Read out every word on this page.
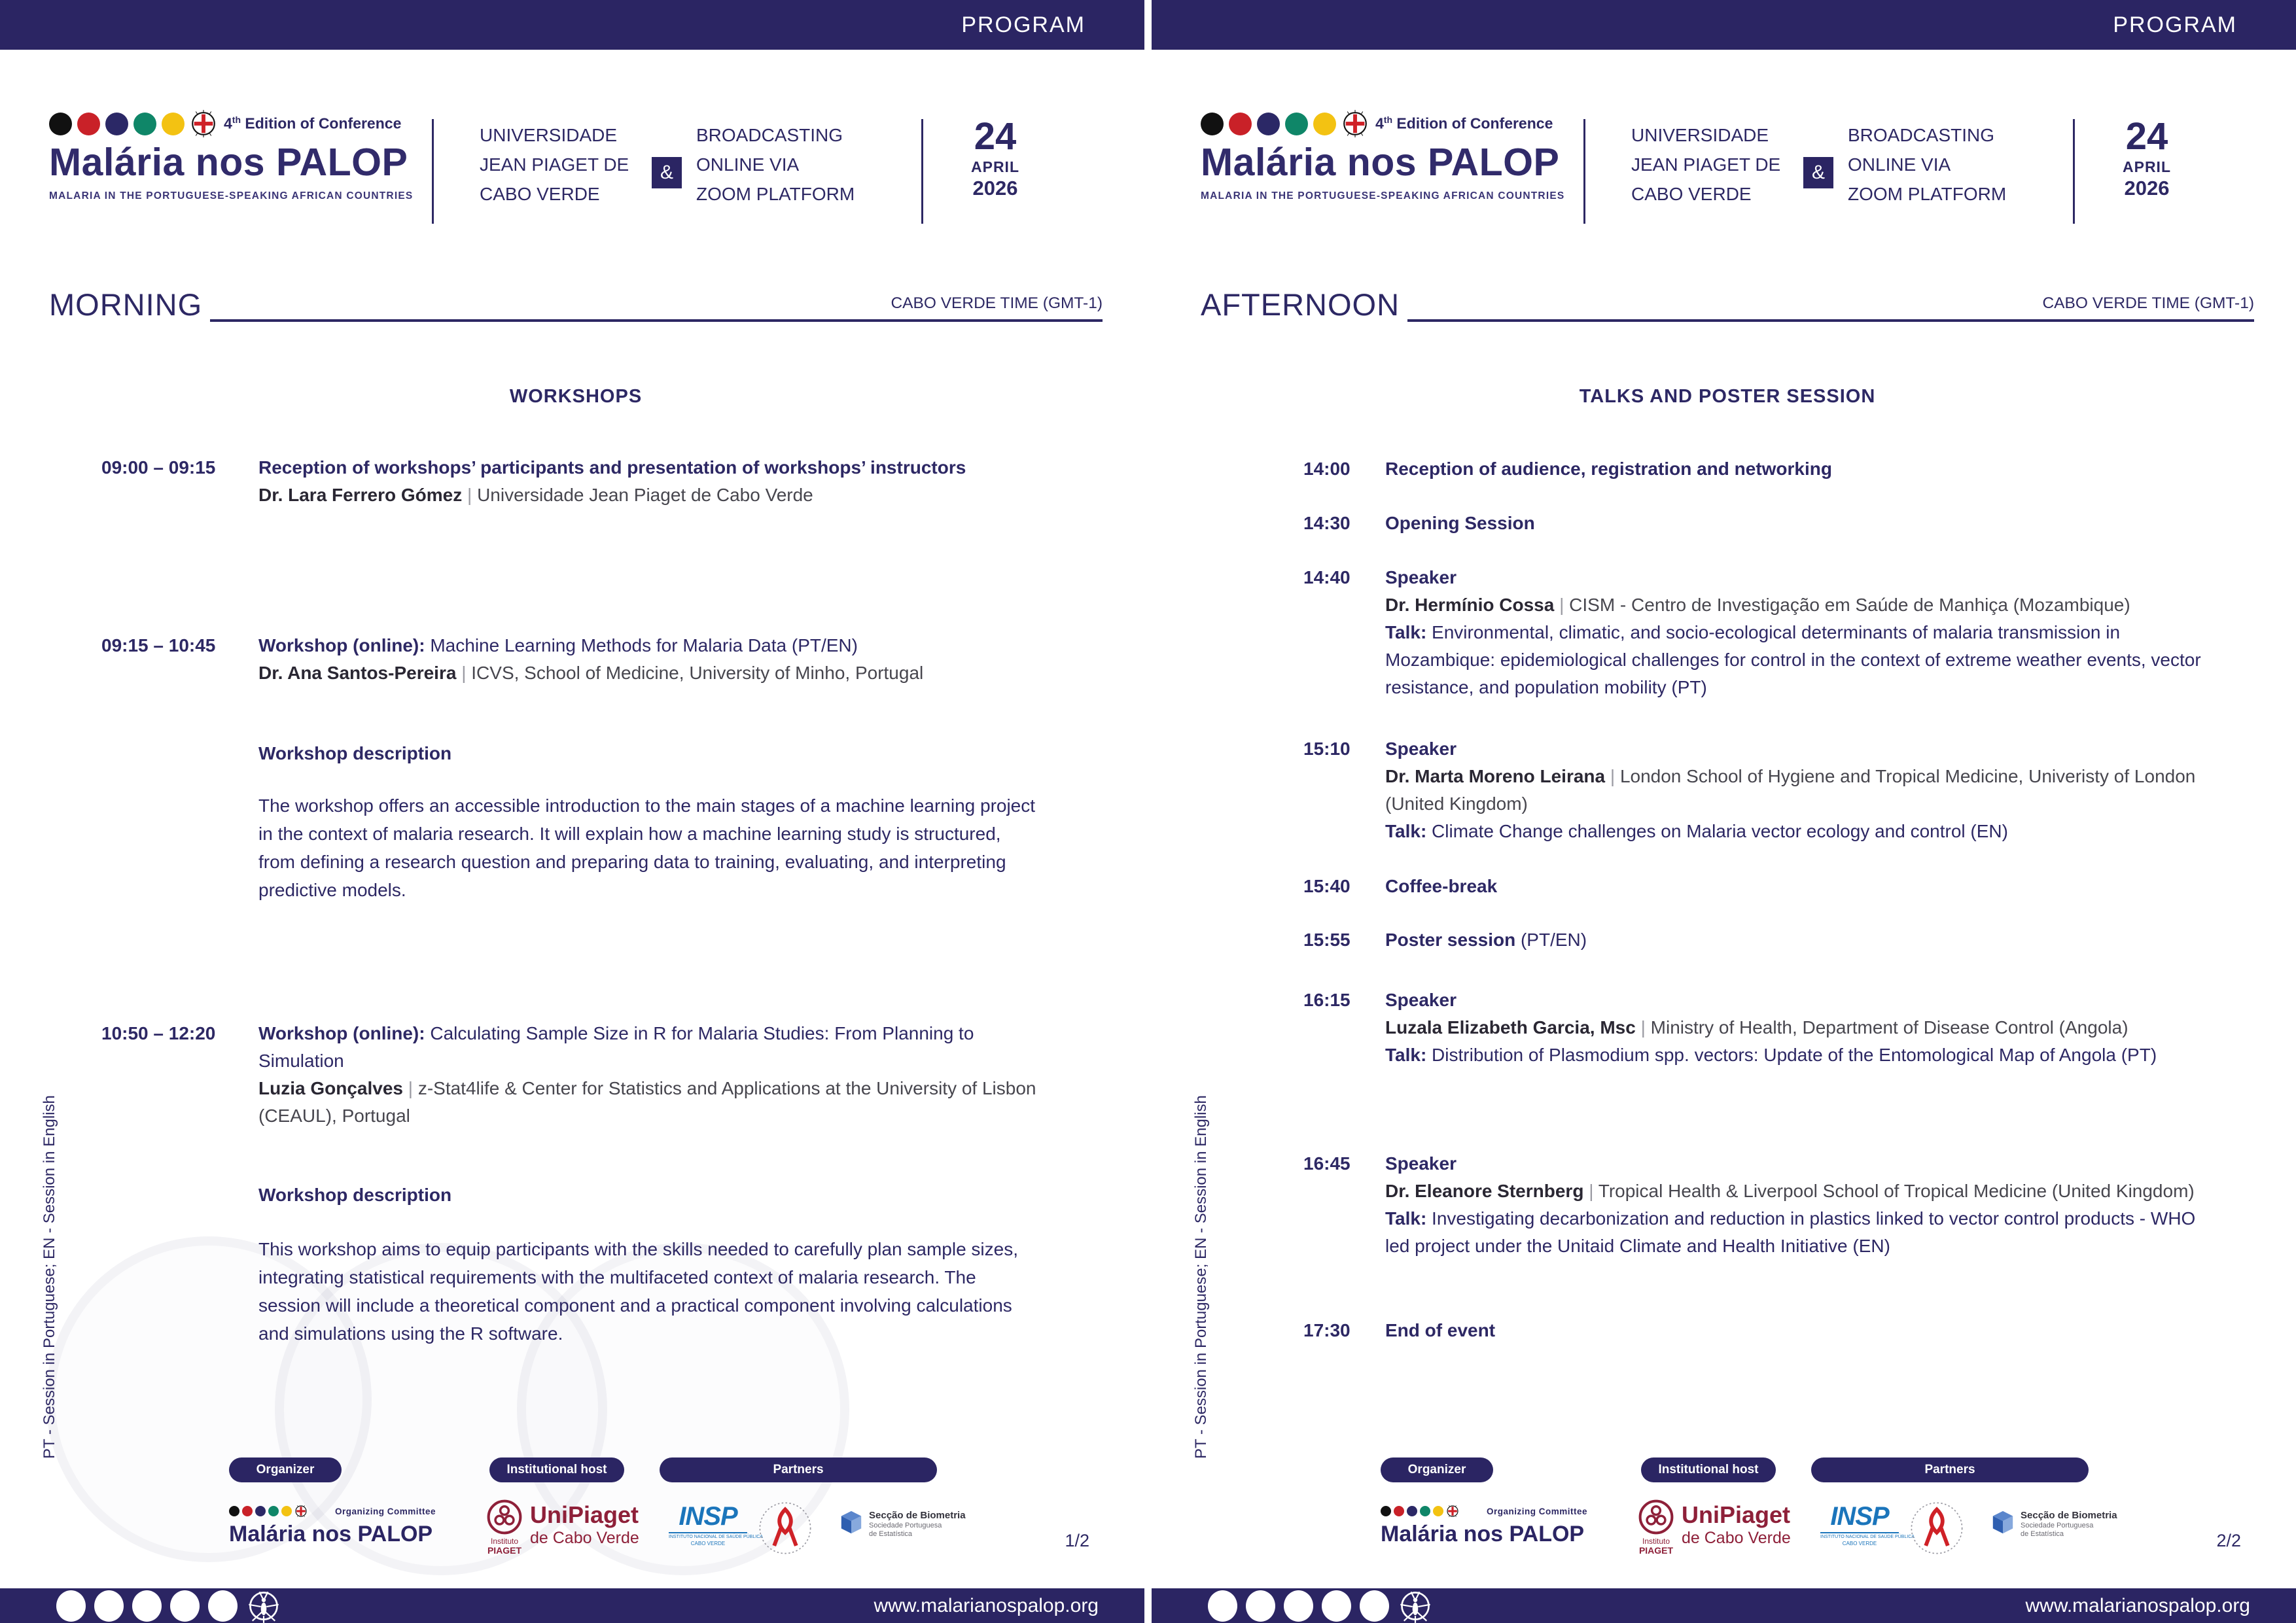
PROGRAM
4th Edition of Conference
Malária nos PALOP
MALARIA IN THE PORTUGUESE-SPEAKING AFRICAN COUNTRIES
UNIVERSIDADE
JEAN PIAGET DE
CABO VERDE
&
BROADCASTING
ONLINE VIA
ZOOM PLATFORM
24
APRIL
2026
MORNING	CABO VERDE TIME (GMT-1)
WORKSHOPS
09:00 – 09:15	Reception of workshops’ participants and presentation of workshops’ instructors
Dr. Lara Ferrero Gómez | Universidade Jean Piaget de Cabo Verde
09:15 – 10:45	Workshop (online): Machine Learning Methods for Malaria Data (PT/EN)
Dr. Ana Santos-Pereira | ICVS, School of Medicine, University of Minho, Portugal
Workshop description
The workshop offers an accessible introduction to the main stages of a machine learning project in the context of malaria research. It will explain how a machine learning study is structured, from defining a research question and preparing data to training, evaluating, and interpreting predictive models.
10:50 – 12:20	Workshop (online): Calculating Sample Size in R for Malaria Studies: From Planning to Simulation
Luzia Gonçalves | z-Stat4life & Center for Statistics and Applications at the University of Lisbon (CEAUL), Portugal
Workshop description
This workshop aims to equip participants with the skills needed to carefully plan sample sizes, integrating statistical requirements with the multifaceted context of malaria research. The session will include a theoretical component and a practical component involving calculations and simulations using the R software.
PT - Session in Portuguese; EN - Session in English
Organizer	Institutional host	Partners
Organizing Committee
Malária nos PALOP	Instituto
PIAGET
UniPiaget
de Cabo Verde
INSP
INSTITUTO NACIONAL DE SAÚDE PÚBLICA
CABO VERDE
Secção de Biometria
Sociedade Portuguesa
de Estatística	1/2
www.malarianospalop.org
PROGRAM
4th Edition of Conference
Malária nos PALOP
MALARIA IN THE PORTUGUESE-SPEAKING AFRICAN COUNTRIES
UNIVERSIDADE
JEAN PIAGET DE
CABO VERDE
&
BROADCASTING
ONLINE VIA
ZOOM PLATFORM
24
APRIL
2026
AFTERNOON	CABO VERDE TIME (GMT-1)
TALKS AND POSTER SESSION
14:00	Reception of audience, registration and networking
14:30	Opening Session
14:40	Speaker
Dr. Hermínio Cossa | CISM - Centro de Investigação em Saúde de Manhiça (Mozambique)
Talk: Environmental, climatic, and socio-ecological determinants of malaria transmission in Mozambique: epidemiological challenges for control in the context of extreme weather events, vector resistance, and population mobility (PT)
15:10	Speaker
Dr. Marta Moreno Leirana | London School of Hygiene and Tropical Medicine, Univeristy of London (United Kingdom)
Talk: Climate Change challenges on Malaria vector ecology and control (EN)
15:40	Coffee-break
15:55	Poster session (PT/EN)
16:15	Speaker
Luzala Elizabeth Garcia, Msc | Ministry of Health, Department of Disease Control (Angola)
Talk: Distribution of Plasmodium spp. vectors: Update of the Entomological Map of Angola (PT)
16:45	Speaker
Dr. Eleanore Sternberg | Tropical Health & Liverpool School of Tropical Medicine (United Kingdom)
Talk: Investigating decarbonization and reduction in plastics linked to vector control products - WHO led project under the Unitaid Climate and Health Initiative (EN)
17:30	End of event
PT - Session in Portuguese; EN - Session in English
Organizer	Institutional host	Partners
Organizing Committee
Malária nos PALOP	Instituto
PIAGET
UniPiaget
de Cabo Verde
INSP
INSTITUTO NACIONAL DE SAÚDE PÚBLICA
CABO VERDE
Secção de Biometria
Sociedade Portuguesa
de Estatística	2/2
www.malarianospalop.org
